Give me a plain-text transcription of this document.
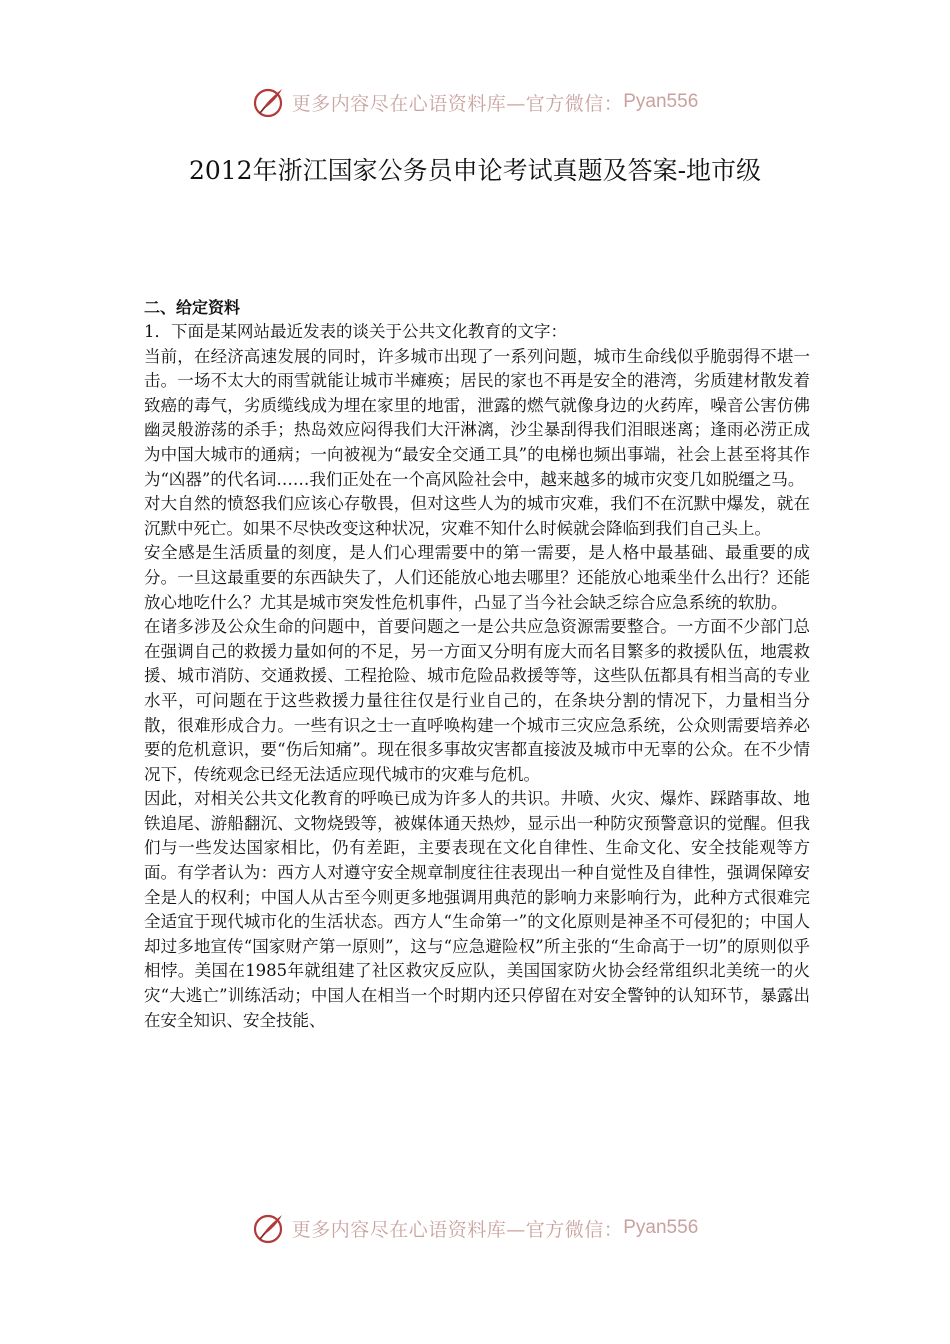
更多内容尽在心语资料库—官方微信： Pyan556
2012年浙江国家公务员申论考试真题及答案-地市级

二、给定资料

1．下面是某网站最近发表的谈关于公共文化教育的文字：

当前，在经济高速发展的同时，许多城市出现了一系列问题，城市生命线似乎脆弱得不堪一击。一场不太大的雨雪就能让城市半瘫痪；居民的家也不再是安全的港湾，劣质建材散发着致癌的毒气，劣质缆线成为埋在家里的地雷，泄露的燃气就像身边的火药库，噪音公害仿佛幽灵般游荡的杀手；热岛效应闷得我们大汗淋漓，沙尘暴刮得我们泪眼迷离；逢雨必涝正成为中国大城市的通病；一向被视为“最安全交通工具”的电梯也频出事端，社会上甚至将其作为“凶器”的代名词……我们正处在一个高风险社会中，越来越多的城市灾变几如脱缰之马。

对大自然的愤怒我们应该心存敬畏，但对这些人为的城市灾难，我们不在沉默中爆发，就在沉默中死亡。如果不尽快改变这种状况，灾难不知什么时候就会降临到我们自己头上。

安全感是生活质量的刻度，是人们心理需要中的第一需要，是人格中最基础、最重要的成分。一旦这最重要的东西缺失了，人们还能放心地去哪里？还能放心地乘坐什么出行？还能放心地吃什么？尤其是城市突发性危机事件，凸显了当今社会缺乏综合应急系统的软肋。

在诸多涉及公众生命的问题中，首要问题之一是公共应急资源需要整合。一方面不少部门总在强调自己的救援力量如何的不足，另一方面又分明有庞大而名目繁多的救援队伍，地震救援、城市消防、交通救援、工程抢险、城市危险品救援等等，这些队伍都具有相当高的专业水平，可问题在于这些救援力量往往仅是行业自己的，在条块分割的情况下，力量相当分散，很难形成合力。一些有识之士一直呼唤构建一个城市三灾应急系统，公众则需要培养必要的危机意识，要“伤后知痛”。现在很多事故灾害都直接波及城市中无辜的公众。在不少情况下，传统观念已经无法适应现代城市的灾难与危机。

因此，对相关公共文化教育的呼唤已成为许多人的共识。井喷、火灾、爆炸、踩踏事故、地铁追尾、游船翻沉、文物烧毁等，被媒体通天热炒，显示出一种防灾预警意识的觉醒。但我们与一些发达国家相比，仍有差距，主要表现在文化自律性、生命文化、安全技能观等方面。有学者认为：西方人对遵守安全规章制度往往表现出一种自觉性及自律性，强调保障安全是人的权利；中国人从古至今则更多地强调用典范的影响力来影响行为，此种方式很难完全适宜于现代城市化的生活状态。西方人“生命第一”的文化原则是神圣不可侵犯的；中国人却过多地宣传“国家财产第一原则”，这与“应急避险权”所主张的“生命高于一切”的原则似乎相悖。美国在1985年就组建了社区救灾反应队，美国国家防火协会经常组织北美统一的火灾“大逃亡”训练活动；中国人在相当一个时期内还只停留在对安全警钟的认知环节，暴露出在安全知识、安全技能、

更多内容尽在心语资料库—官方微信： Pyan556
